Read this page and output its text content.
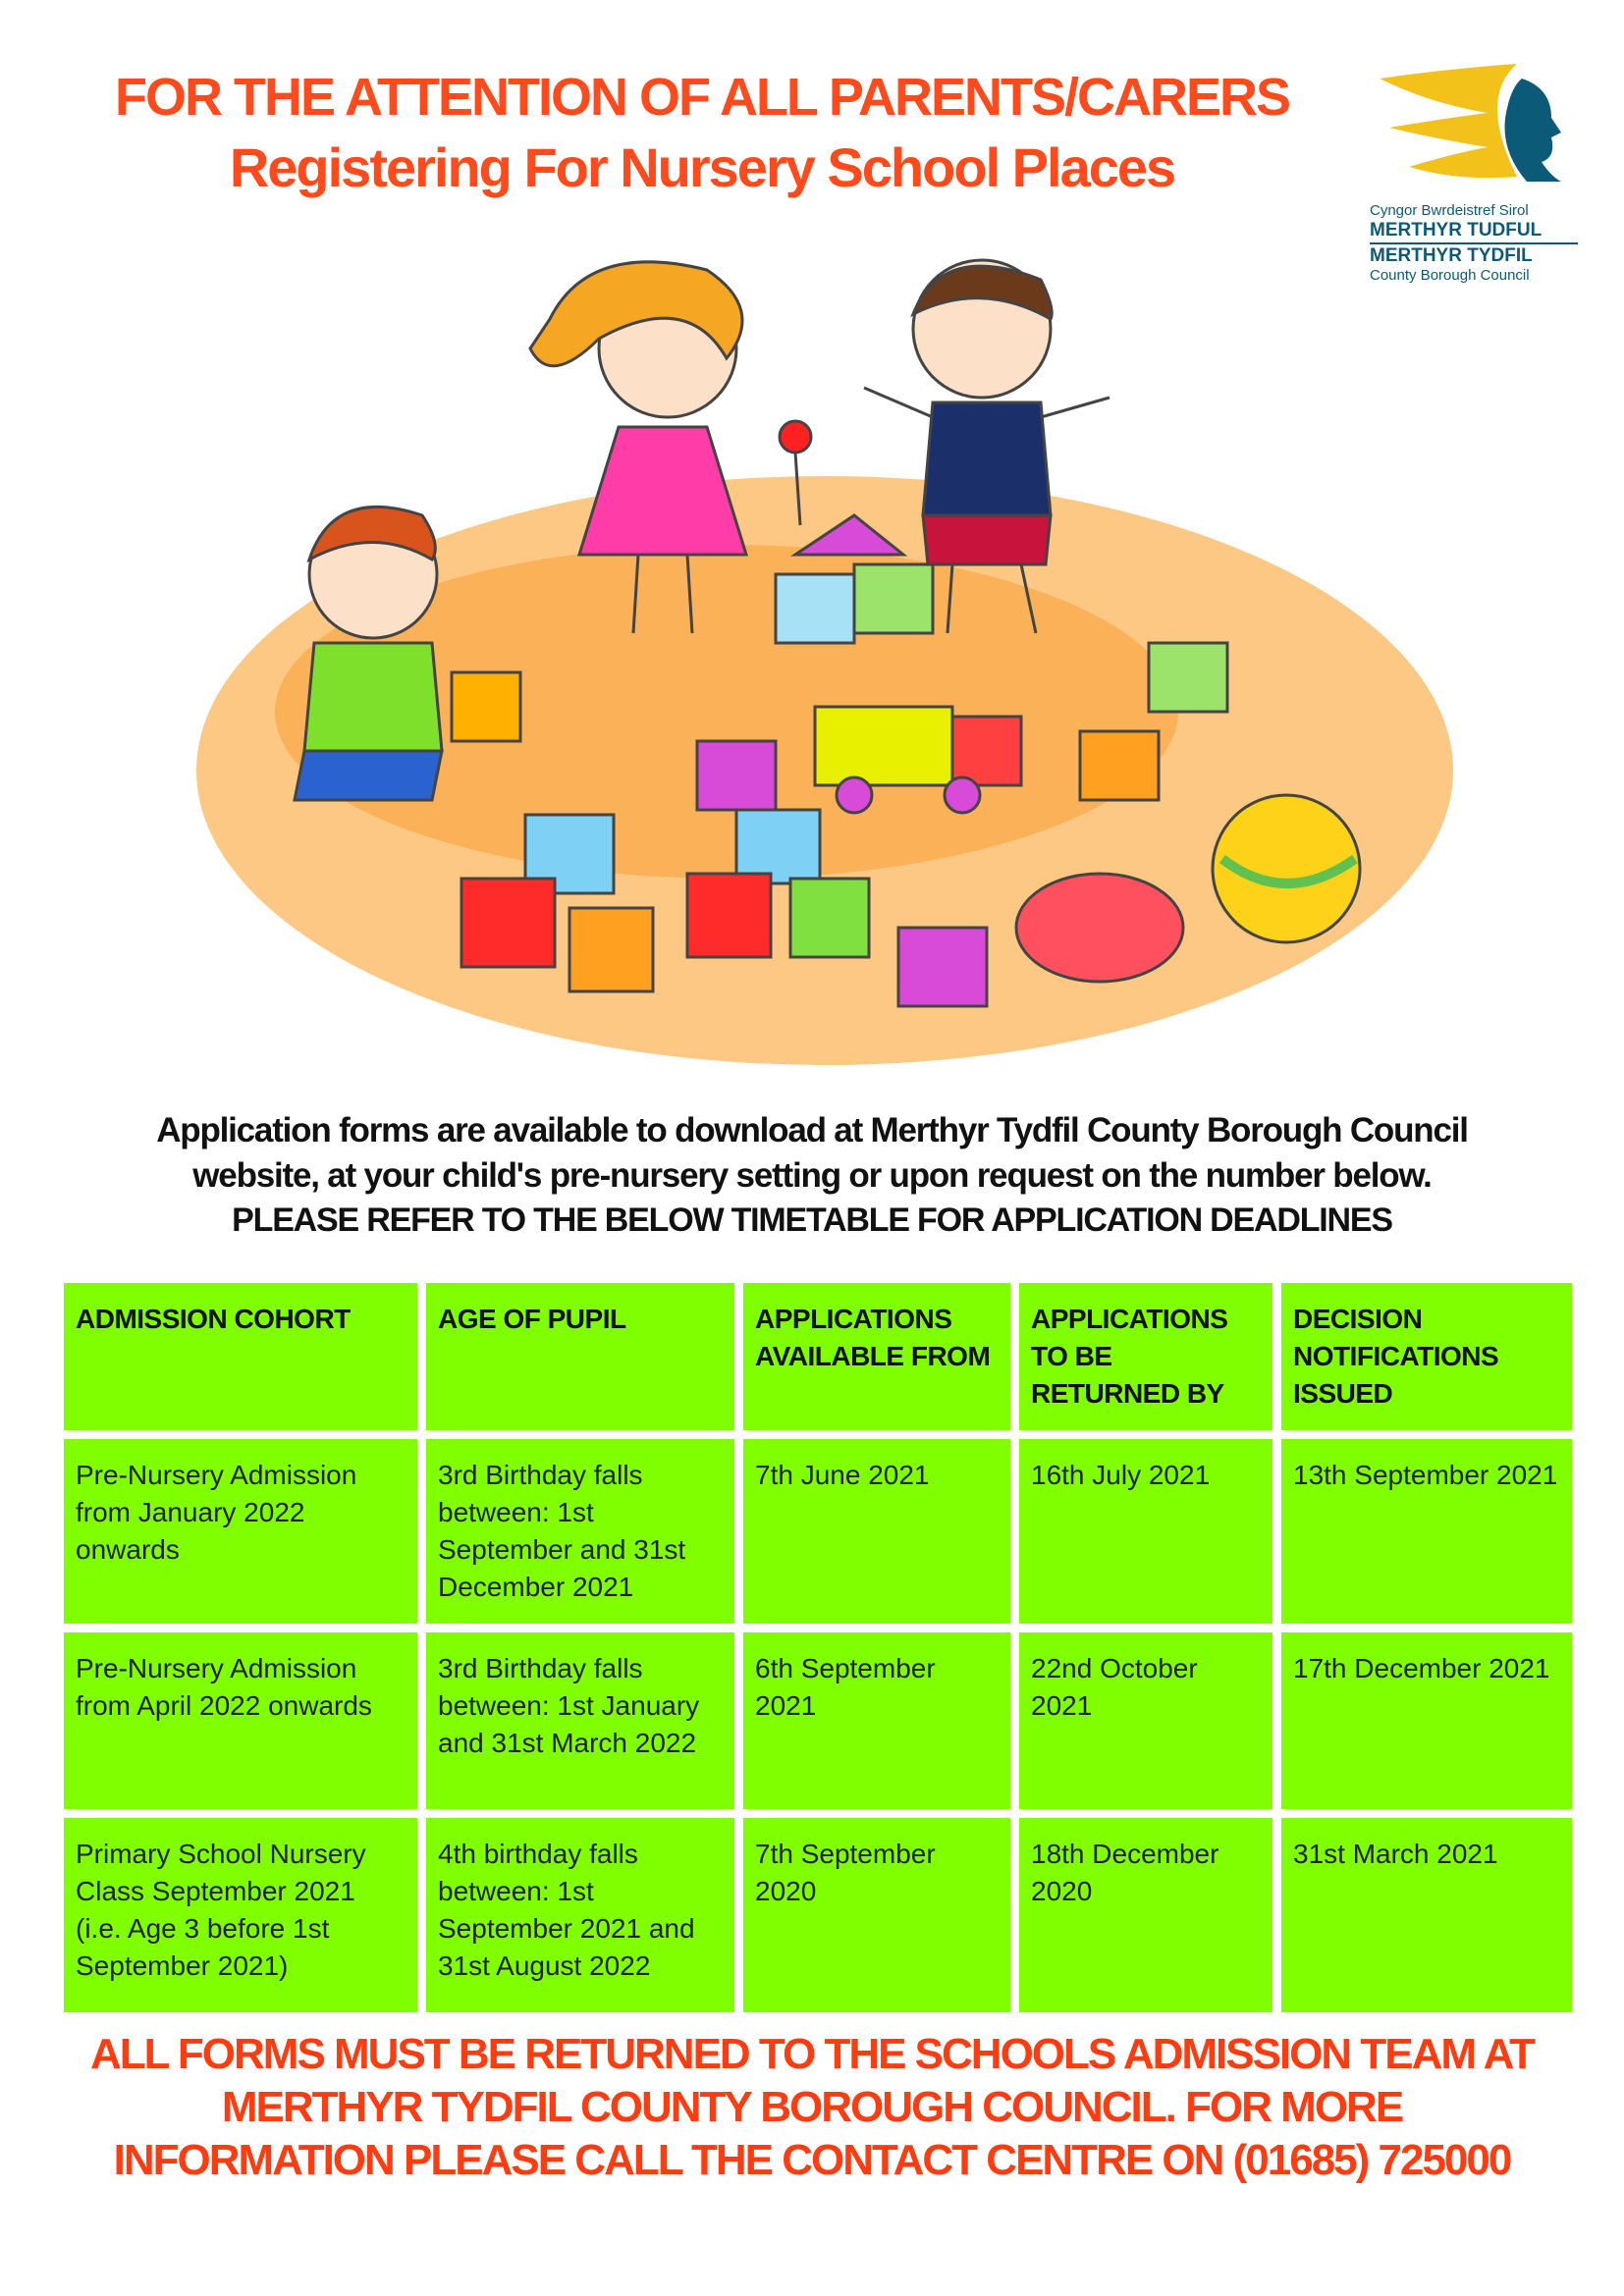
FOR THE ATTENTION OF ALL PARENTS/CARERS
Registering For Nursery School Places
Cyngor Bwrdeistref Sirol
MERTHYR TUDFUL
MERTHYR TYDFIL
County Borough Council
Application forms are available to download at Merthyr Tydfil County Borough Council
website, at your child's pre-nursery setting or upon request on the number below.
PLEASE REFER TO THE BELOW TIMETABLE FOR APPLICATION DEADLINES
ADMISSION COHORT	AGE OF PUPIL	APPLICATIONS AVAILABLE FROM	APPLICATIONS TO BE RETURNED BY	DECISION NOTIFICATIONS ISSUED
Pre-Nursery Admission from January 2022 onwards	3rd Birthday falls between: 1st September and 31st December 2021	7th June 2021	16th July 2021	13th September 2021
Pre-Nursery Admission from April 2022 onwards	3rd Birthday falls between: 1st January and 31st March 2022	6th September 2021	22nd October 2021	17th December 2021
Primary School Nursery Class September 2021 (i.e. Age 3 before 1st September 2021)	4th birthday falls between: 1st September 2021 and 31st August 2022	7th September 2020	18th December 2020	31st March 2021
ALL FORMS MUST BE RETURNED TO THE SCHOOLS ADMISSION TEAM AT
MERTHYR TYDFIL COUNTY BOROUGH COUNCIL. FOR MORE
INFORMATION PLEASE CALL THE CONTACT CENTRE ON (01685) 725000
